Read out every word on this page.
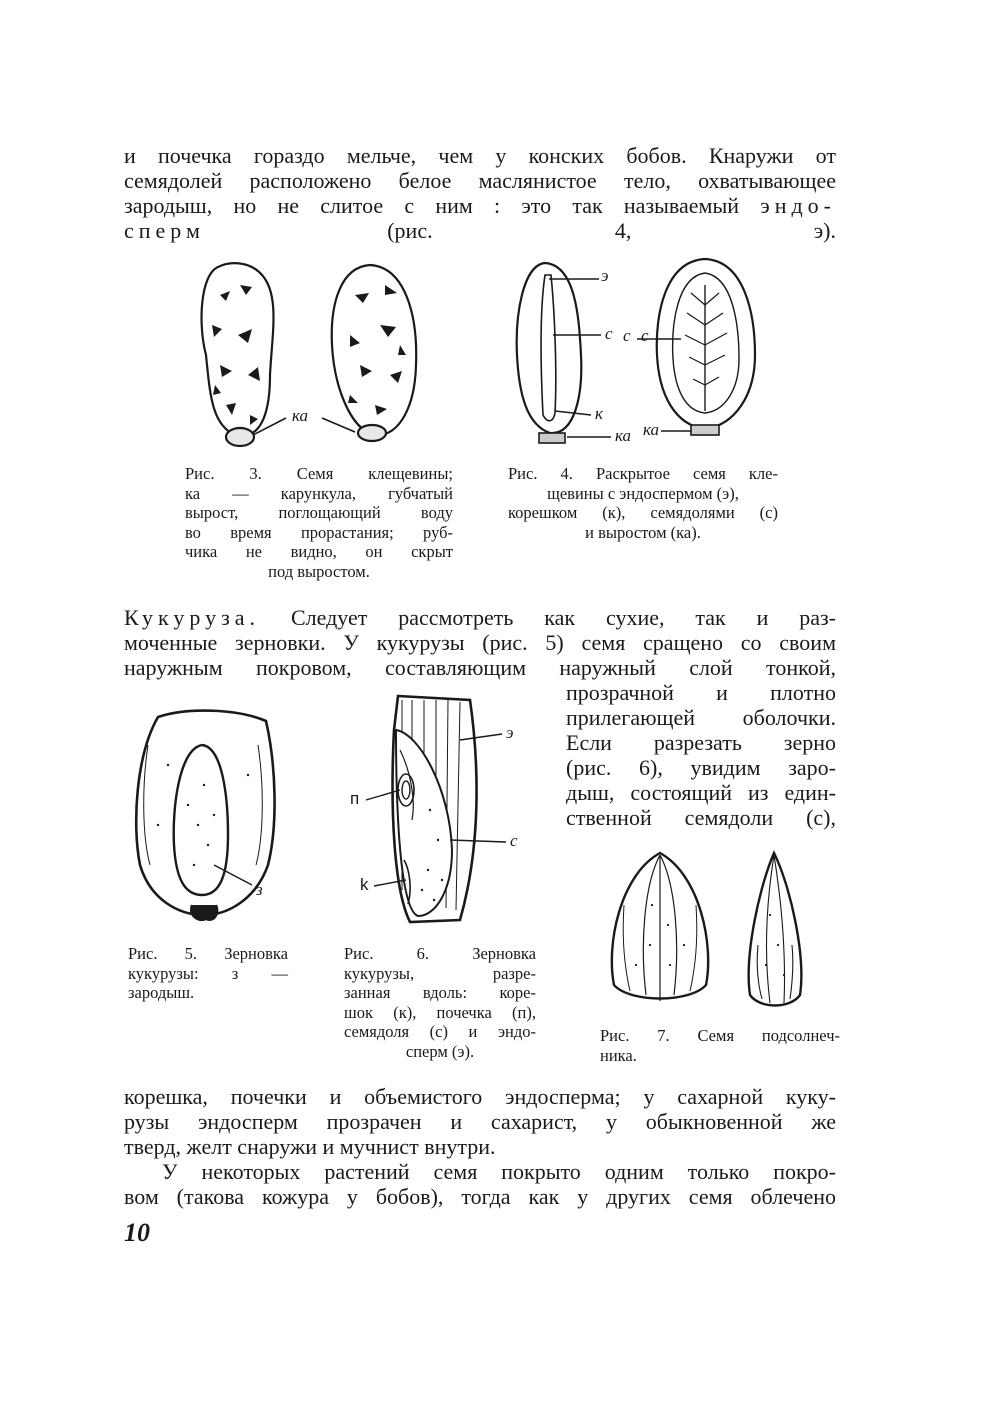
и почечка гораздо мельче, чем у конских бобов. Кнаружи от
семядолей расположено белое маслянистое тело, охватывающее
зародыш, но не слитое с ним : это так называемый эндо-
сперм	(рис. 4, э).
ка
э
с
к
ка
с
с
ка
Рис. 3. Семя клещевины;
ка — карункула, губчатый
вырост, поглощающий воду
во время прорастания; руб-
чика не видно, он скрыт
под выростом.
Рис. 4. Раскрытое семя кле-
щевины с эндоспермом (э),
корешком (к), семядолями (с)
и выростом (ка).
Кукуруза. Следует рассмотреть как сухие, так и раз-
моченные зерновки. У кукурузы (рис. 5) семя сращено со своим
наружным покровом, составляющим наружный слой тонкой,
прозрачной и плотно
прилегающей оболочки.
Если разрезать зерно
(рис. 6), увидим заро-
дыш, состоящий из един-
ственной семядоли (с),
з
э
п
с
k
Рис. 5. Зерновка
кукурузы: з —
зародыш.
Рис. 6. Зерновка
кукурузы, разре-
занная вдоль: коре-
шок (к), почечка (п),
семядоля (с) и эндо-
сперм (э).
Рис. 7. Семя подсолнеч-
ника.
корешка, почечки и объемистого эндосперма; у сахарной куку-
рузы эндосперм прозрачен и сахарист, у обыкновенной же
тверд, желт снаружи и мучнист внутри.
У некоторых растений семя покрыто одним только покро-
вом (такова кожура у бобов), тогда как у других семя облечено
10
